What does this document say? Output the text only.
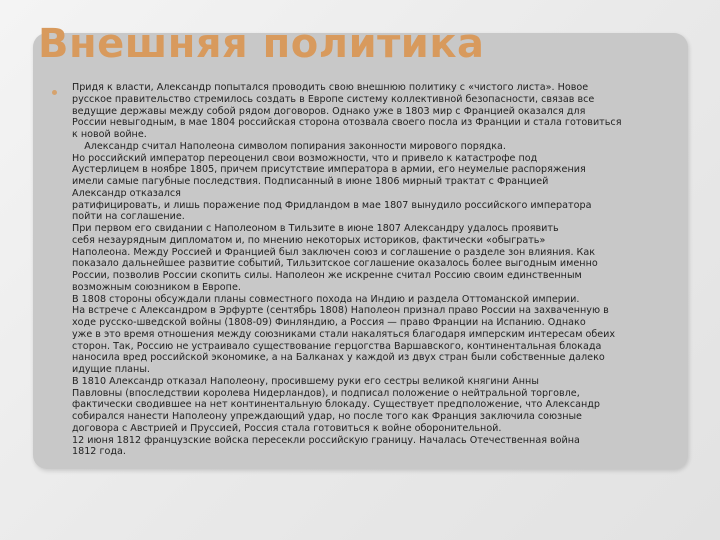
Внешняя политика
Придя к власти, Александр попытался проводить свою внешнюю политику с «чистого листа». Новое
русское правительство стремилось создать в Европе систему коллективной безопасности, связав все
ведущие державы между собой рядом договоров. Однако уже в 1803 мир с Францией оказался для
России невыгодным, в мае 1804 российская сторона отозвала своего посла из Франции и стала готовиться
к новой войне.
Александр считал Наполеона символом попирания законности мирового порядка.
Но российский император переоценил свои возможности, что и привело к катастрофе под
Аустерлицем в ноябре 1805, причем присутствие императора в армии, его неумелые распоряжения
имели самые пагубные последствия. Подписанный в июне 1806 мирный трактат с Францией
Александр отказался
ратифицировать, и лишь поражение под Фридландом в мае 1807 вынудило российского императора
пойти на соглашение.
При первом его свидании с Наполеоном в Тильзите в июне 1807 Александру удалось проявить
себя незаурядным дипломатом и, по мнению некоторых историков, фактически «обыграть»
Наполеона. Между Россией и Францией был заключен союз и соглашение о разделе зон влияния. Как
показало дальнейшее развитие событий, Тильзитское соглашение оказалось более выгодным именно
России, позволив России скопить силы. Наполеон же искренне считал Россию своим единственным
возможным союзником в Европе.
В 1808 стороны обсуждали планы совместного похода на Индию и раздела Оттоманской империи.
На встрече с Александром в Эрфурте (сентябрь 1808) Наполеон признал право России на захваченную в
ходе русско-шведской войны (1808-09) Финляндию, а Россия — право Франции на Испанию. Однако
уже в это время отношения между союзниками стали накаляться благодаря имперским интересам обеих
сторон. Так, Россию не устраивало существование герцогства Варшавского, континентальная блокада
наносила вред российской экономике, а на Балканах у каждой из двух стран были собственные далеко
идущие планы.
В 1810 Александр отказал Наполеону, просившему руки его сестры великой княгини Анны
Павловны (впоследствии королева Нидерландов), и подписал положение о нейтральной торговле,
фактически сводившее на нет континентальную блокаду. Существует предположение, что Александр
собирался нанести Наполеону упреждающий удар, но после того как Франция заключила союзные
договора с Австрией и Пруссией, Россия стала готовиться к войне оборонительной.
12 июня 1812 французские войска пересекли российскую границу. Началась Отечественная война
1812 года.
